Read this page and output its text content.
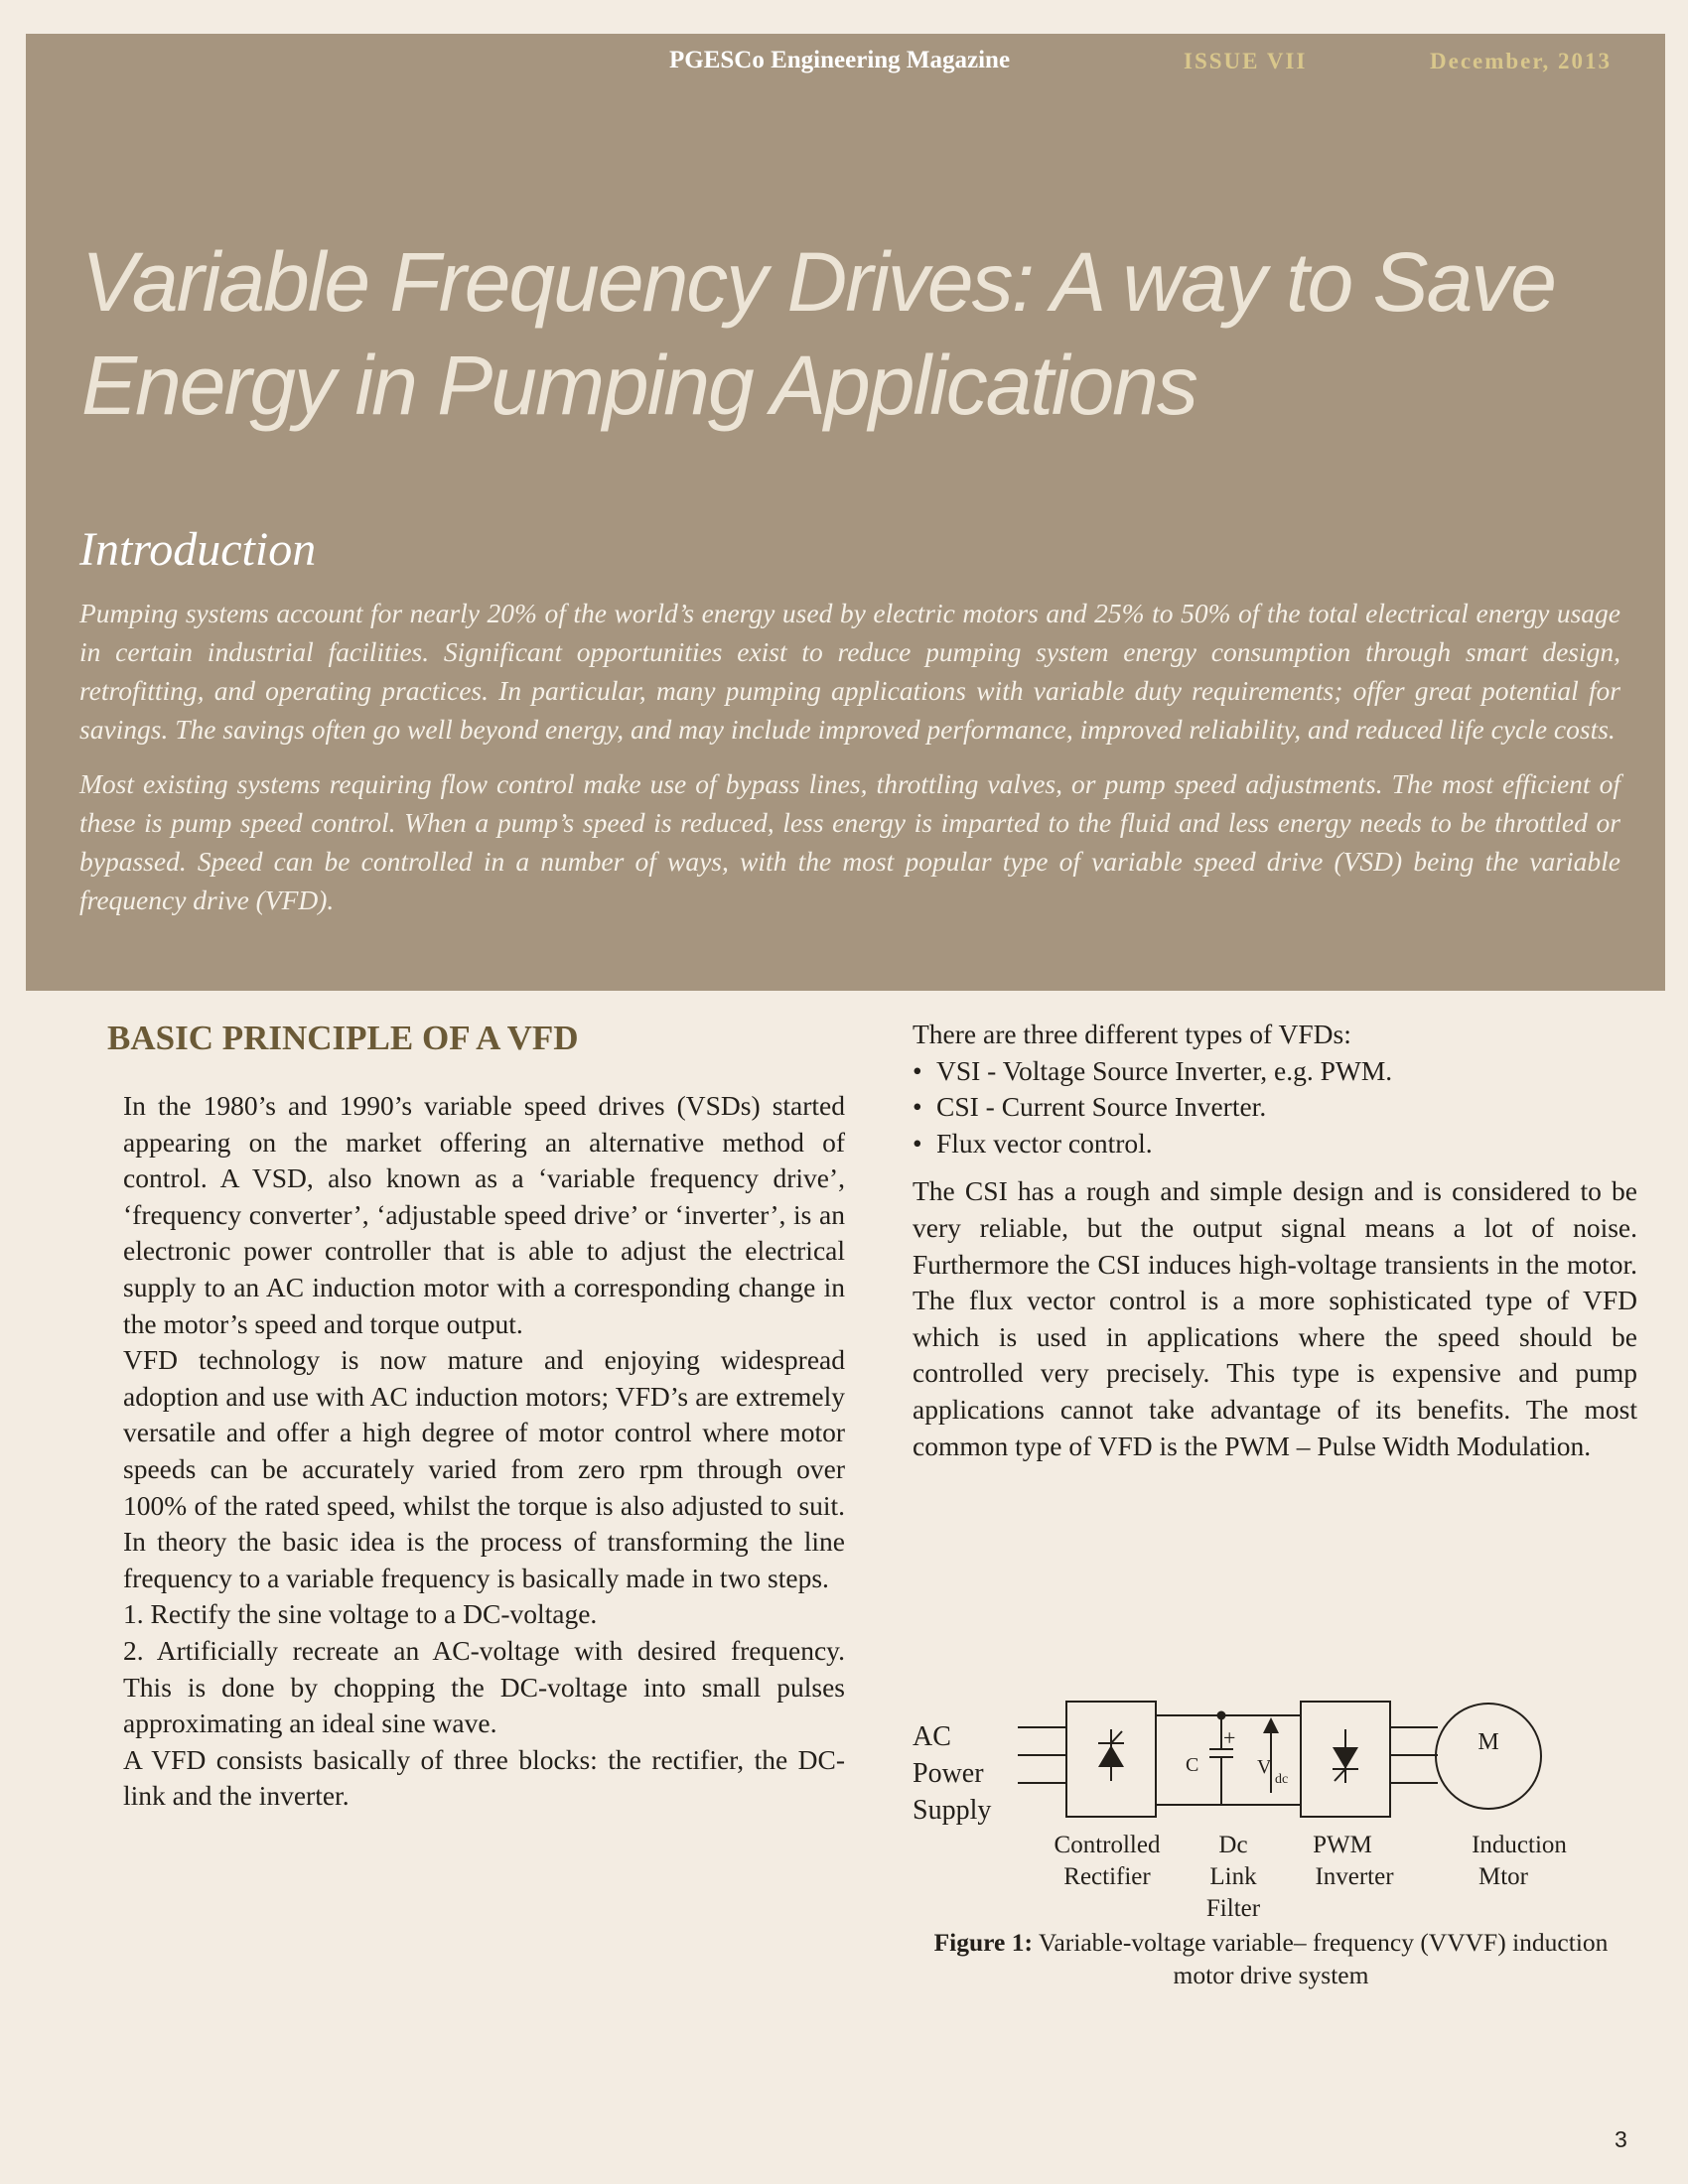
PGESCo Engineering Magazine	ISSUE VII	December, 2013
Variable Frequency Drives: A way to Save
Energy in Pumping Applications
Introduction

Pumping systems account for nearly 20% of the world’s energy used by electric motors and 25% to 50% of the total electrical energy usage in certain industrial facilities. Significant opportunities exist to reduce pumping system energy consumption through smart design, retrofitting, and operating practices. In particular, many pumping applications with variable duty requirements; offer great potential for savings. The savings often go well beyond energy, and may include improved performance, improved reliability, and reduced life cycle costs.

Most existing systems requiring flow control make use of bypass lines, throttling valves, or pump speed adjustments. The most efficient of these is pump speed control. When a pump’s speed is reduced, less energy is imparted to the fluid and less energy needs to be throttled or bypassed. Speed can be controlled in a number of ways, with the most popular type of variable speed drive (VSD) being the variable frequency drive (VFD).

BASIC PRINCIPLE OF A VFD
In the 1980’s and 1990’s variable speed drives (VSDs) started appearing on the market offering an alternative method of control. A VSD, also known as a ‘variable frequency drive’, ‘frequency converter’, ‘adjustable speed drive’ or ‘inverter’, is an electronic power controller that is able to adjust the electrical supply to an AC induction motor with a corresponding change in the motor’s speed and torque output.
VFD technology is now mature and enjoying widespread adoption and use with AC induction motors; VFD’s are extremely versatile and offer a high degree of motor control where motor speeds can be accurately varied from zero rpm through over 100% of the rated speed, whilst the torque is also adjusted to suit. In theory the basic idea is the process of transforming the line frequency to a variable frequency is basically made in two steps.
1. Rectify the sine voltage to a DC-voltage.
2. Artificially recreate an AC-voltage with desired frequency. This is done by chopping the DC-voltage into small pulses approximating an ideal sine wave.
A VFD consists basically of three blocks: the rectifier, the DC-link and the inverter.
There are three different types of VFDs:
• VSI - Voltage Source Inverter, e.g. PWM.
• CSI - Current Source Inverter.
• Flux vector control.

The CSI has a rough and simple design and is considered to be very reliable, but the output signal means a lot of noise. Furthermore the CSI induces high-voltage transients in the motor. The flux vector control is a more sophisticated type of VFD which is used in applications where the speed should be controlled very precisely. This type is expensive and pump applications cannot take advantage of its benefits. The most common type of VFD is the PWM – Pulse Width Modulation.

AC
Power
Supply
C
+
V
dc
M
Controlled
Rectifier
Dc
Link
Filter
PWM
Inverter
Induction
Mtor
Figure 1: Variable-voltage variable– frequency (VVVF) induction motor drive system
3
